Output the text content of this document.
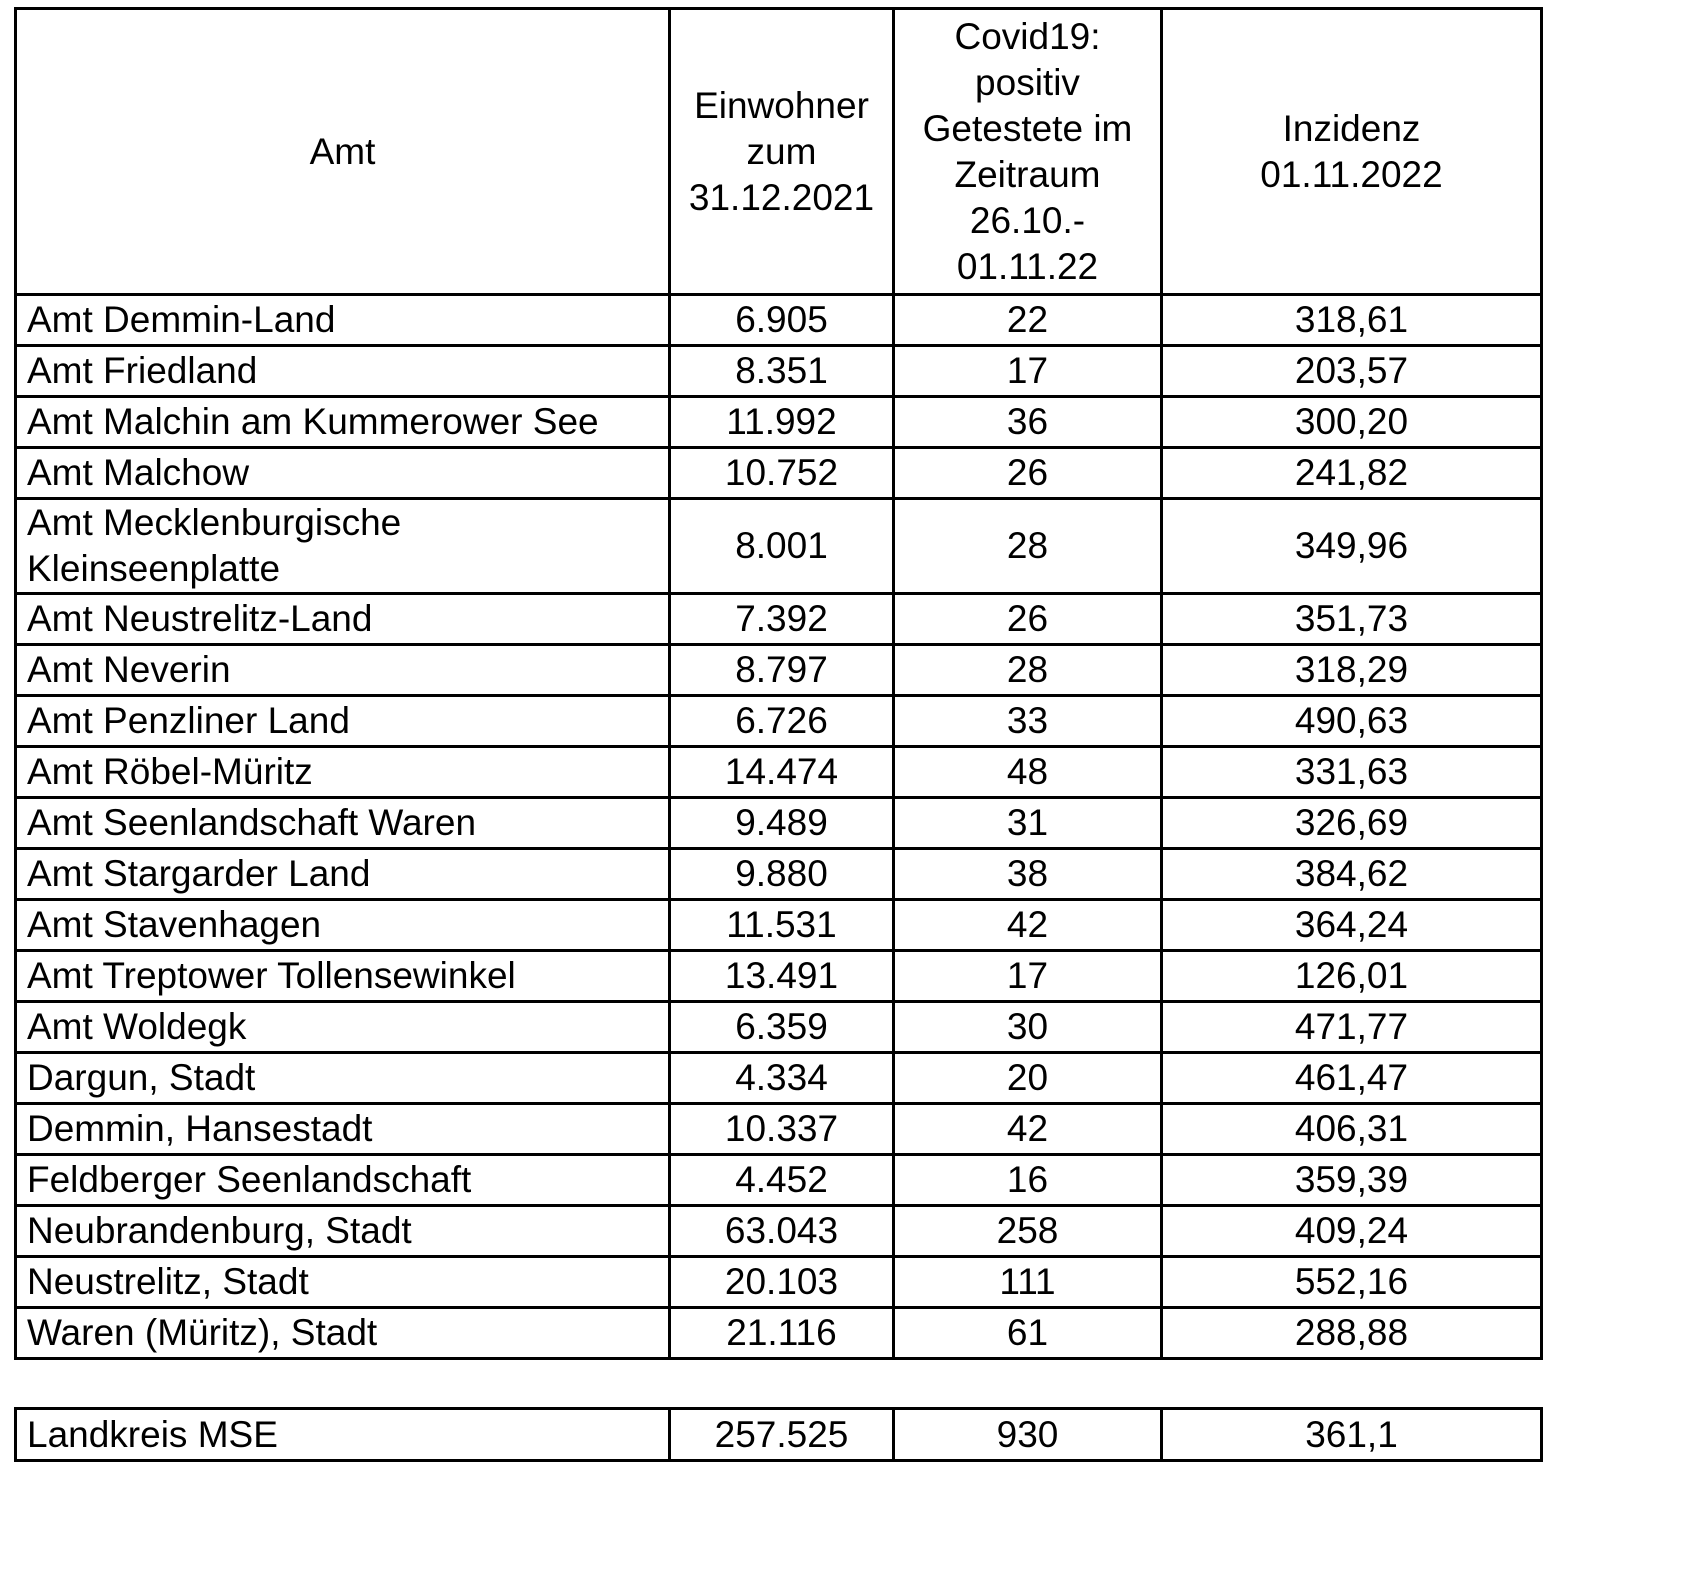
Amt	Einwohner zum 31.12.2021	Covid19: positiv Getestete im Zeitraum 26.10.- 01.11.22	Inzidenz 01.11.2022

Amt Demmin-Land	6.905	22	318,61
Amt Friedland	8.351	17	203,57
Amt Malchin am Kummerower See	11.992	36	300,20
Amt Malchow	10.752	26	241,82
Amt Mecklenburgische Kleinseenplatte	8.001	28	349,96
Amt Neustrelitz-Land	7.392	26	351,73
Amt Neverin	8.797	28	318,29
Amt Penzliner Land	6.726	33	490,63
Amt Röbel-Müritz	14.474	48	331,63
Amt Seenlandschaft Waren	9.489	31	326,69
Amt Stargarder Land	9.880	38	384,62
Amt Stavenhagen	11.531	42	364,24
Amt Treptower Tollensewinkel	13.491	17	126,01
Amt Woldegk	6.359	30	471,77
Dargun, Stadt	4.334	20	461,47
Demmin, Hansestadt	10.337	42	406,31
Feldberger Seenlandschaft	4.452	16	359,39
Neubrandenburg, Stadt	63.043	258	409,24
Neustrelitz, Stadt	20.103	111	552,16
Waren (Müritz), Stadt	21.116	61	288,88
Landkreis MSE	257.525	930	361,1
